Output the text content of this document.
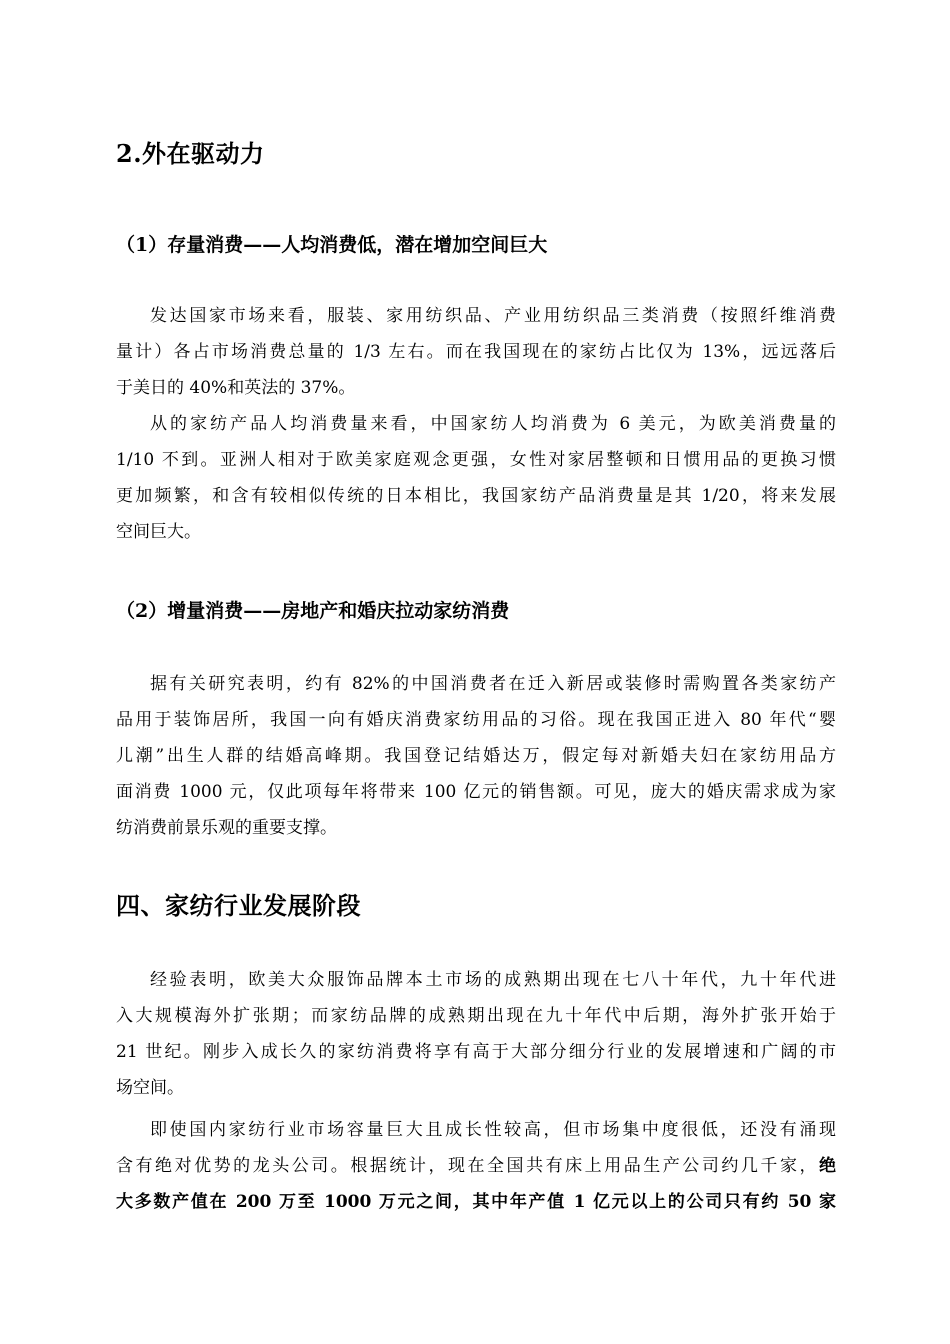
2.外在驱动力
（1）存量消费——人均消费低，潜在增加空间巨大
发达国家市场来看，服装、家用纺织品、产业用纺织品三类消费（按照纤维消费
量计）各占市场消费总量的 1/3 左右。而在我国现在的家纺占比仅为 13%，远远落后
于美日的 40%和英法的 37%。
从的家纺产品人均消费量来看，中国家纺人均消费为 6 美元，为欧美消费量的
1/10 不到。亚洲人相对于欧美家庭观念更强，女性对家居整顿和日惯用品的更换习惯
更加频繁，和含有较相似传统的日本相比，我国家纺产品消费量是其 1/20，将来发展
空间巨大。
（2）增量消费——房地产和婚庆拉动家纺消费
据有关研究表明，约有 82%的中国消费者在迁入新居或装修时需购置各类家纺产
品用于装饰居所，我国一向有婚庆消费家纺用品的习俗。现在我国正进入 80 年代“婴
儿潮”出生人群的结婚高峰期。我国登记结婚达万，假定每对新婚夫妇在家纺用品方
面消费 1000 元，仅此项每年将带来 100 亿元的销售额。可见，庞大的婚庆需求成为家
纺消费前景乐观的重要支撑。
四、家纺行业发展阶段
经验表明，欧美大众服饰品牌本土市场的成熟期出现在七八十年代，九十年代进
入大规模海外扩张期；而家纺品牌的成熟期出现在九十年代中后期，海外扩张开始于
21 世纪。刚步入成长久的家纺消费将享有高于大部分细分行业的发展增速和广阔的市
场空间。
即使国内家纺行业市场容量巨大且成长性较高，但市场集中度很低，还没有涌现
含有绝对优势的龙头公司。根据统计，现在全国共有床上用品生产公司约几千家，绝
大多数产值在 200 万至 1000 万元之间，其中年产值 1 亿元以上的公司只有约 50 家
